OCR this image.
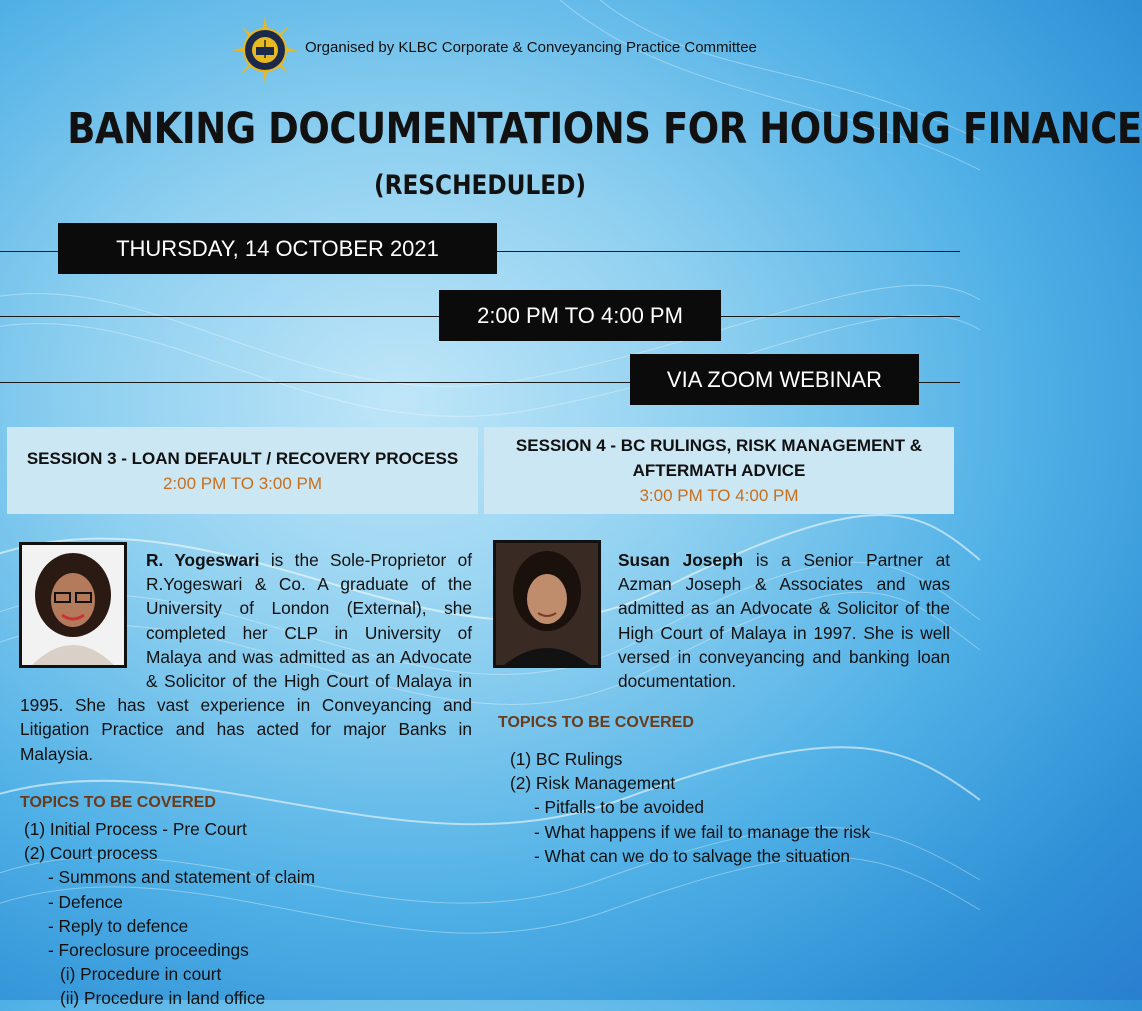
Organised by KLBC Corporate & Conveyancing Practice Committee
BANKING DOCUMENTATIONS FOR HOUSING FINANCE
(RESCHEDULED)
THURSDAY, 14 OCTOBER 2021
2:00 PM TO 4:00 PM
VIA ZOOM WEBINAR
SESSION 3 - LOAN DEFAULT / RECOVERY PROCESS
2:00 PM TO 3:00 PM
SESSION 4 - BC RULINGS, RISK MANAGEMENT &
AFTERMATH ADVICE
3:00 PM TO 4:00 PM
R. Yogeswari is the Sole-Proprietor of R.Yogeswari & Co. A graduate of the University of London (External), she completed her CLP in University of Malaya and was admitted as an Advocate & Solicitor of the High Court of Malaya in 1995. She has vast experience in Conveyancing and Litigation Practice and has acted for major Banks in Malaysia.
TOPICS TO BE COVERED
(1) Initial Process - Pre Court
(2) Court process
- Summons and statement of claim
- Defence
- Reply to defence
- Foreclosure proceedings
(i) Procedure in court
(ii) Procedure in land office
Susan Joseph is a Senior Partner at Azman Joseph & Associates and was admitted as an Advocate & Solicitor of the High Court of Malaya in 1997. She is well versed in conveyancing and banking loan documentation.
TOPICS TO BE COVERED
(1) BC Rulings
(2) Risk Management
- Pitfalls to be avoided
- What happens if we fail to manage the risk
- What can we do to salvage the situation
